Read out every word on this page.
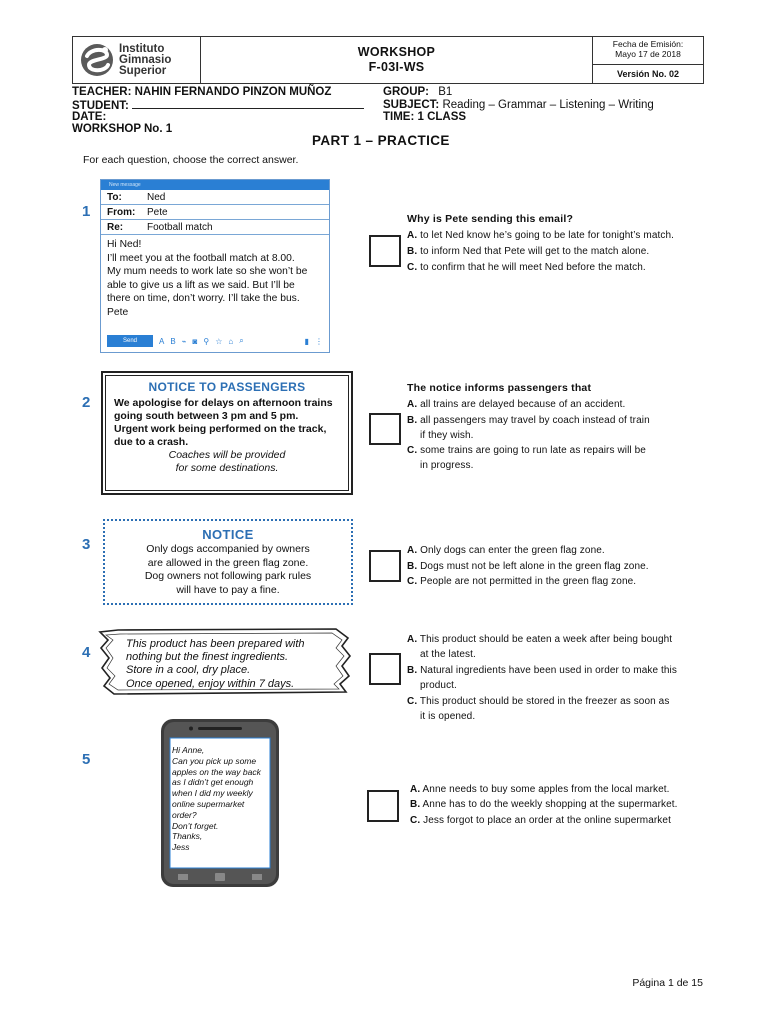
Instituto
Gimnasio
Superior
WORKSHOP
F-03I-WS
Fecha de Emisión:
Mayo 17 de 2018
Versión No. 02
TEACHER: NAHIN FERNANDO PINZON MUÑOZ	GROUP: B1
STUDENT:	SUBJECT: Reading – Grammar – Listening – Writing
DATE:	TIME: 1 CLASS
WORKSHOP No. 1
PART 1 – PRACTICE
For each question, choose the correct answer.
1
New message
To:	Ned
From:	Pete
Re:	Football match
Hi Ned!
I’ll meet you at the football match at 8.00.
My mum needs to work late so she won’t be
able to give us a lift as we said. But I’ll be
there on time, don’t worry. I’ll take the bus.
Pete
Send	A B ⌁ ◙ ⚲ ☆ ⌂ ⌕	▮ ⋮
Why is Pete sending this email?
A. to let Ned know he’s going to be late for tonight’s match.
B. to inform Ned that Pete will get to the match alone.
C. to confirm that he will meet Ned before the match.
2
NOTICE TO PASSENGERS
We apologise for delays on afternoon trains
going south between 3 pm and 5 pm.
Urgent work being performed on the track,
due to a crash.
Coaches will be provided
for some destinations.
The notice informs passengers that
A. all trains are delayed because of an accident.
B. all passengers may travel by coach instead of train
if they wish.
C. some trains are going to run late as repairs will be
in progress.
3
NOTICE
Only dogs accompanied by owners
are allowed in the green flag zone.
Dog owners not following park rules
will have to pay a fine.
A. Only dogs can enter the green flag zone.
B. Dogs must not be left alone in the green flag zone.
C. People are not permitted in the green flag zone.
4	This product has been prepared with
nothing but the finest ingredients.
Store in a cool, dry place.
Once opened, enjoy within 7 days.
A. This product should be eaten a week after being bought
at the latest.
B. Natural ingredients have been used in order to make this
product.
C. This product should be stored in the freezer as soon as
it is opened.
5
Hi Anne,
Can you pick up some
apples on the way back
as I didn’t get enough
when I did my weekly
online supermarket
order?
Don’t forget.
Thanks,
Jess
A. Anne needs to buy some apples from the local market.
B. Anne has to do the weekly shopping at the supermarket.
C. Jess forgot to place an order at the online supermarket
Página 1 de 15
